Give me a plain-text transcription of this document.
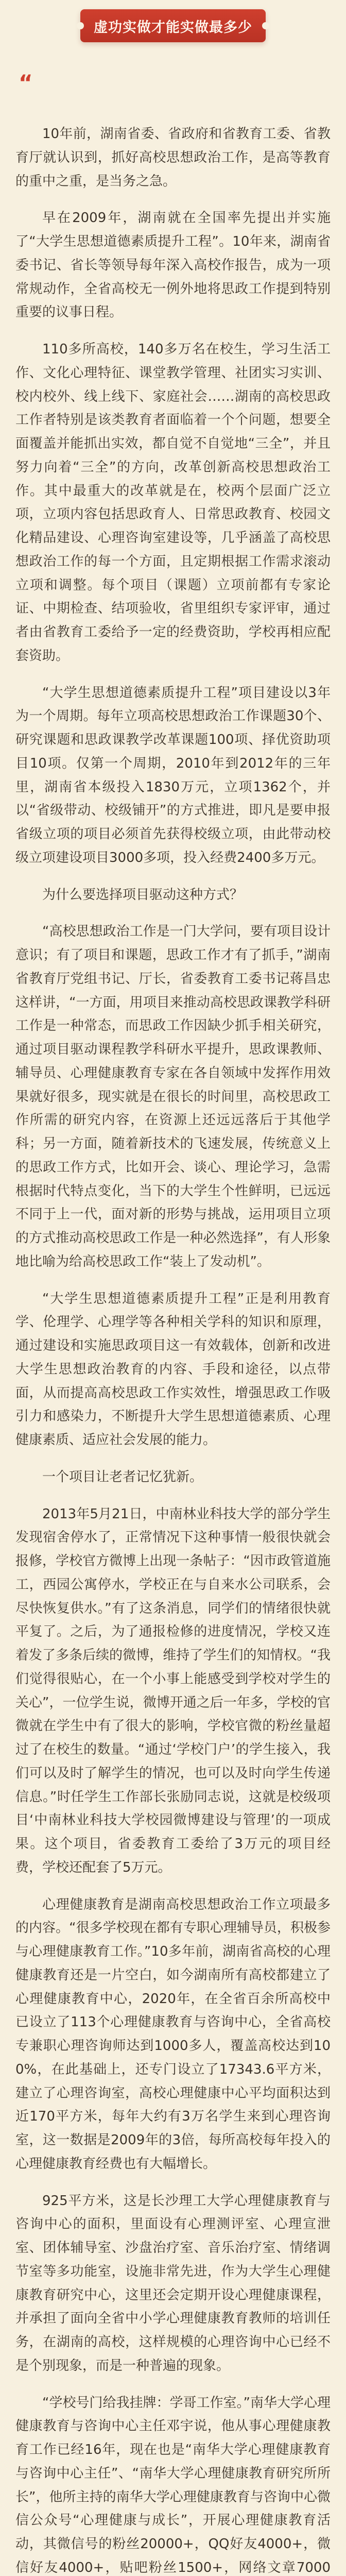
虚功实做才能实做最多少
“

10年前，湖南省委、省政府和省教育工委、省教育厅就认识到，抓好高校思想政治工作，是高等教育的重中之重，是当务之急。

早在2009年，湖南就在全国率先提出并实施了“大学生思想道德素质提升工程”。10年来，湖南省委书记、省长等领导每年深入高校作报告，成为一项常规动作，全省高校无一例外地将思政工作提到特别重要的议事日程。

110多所高校，140多万名在校生，学习生活工作、文化心理特征、课堂教学管理、社团实习实训、校内校外、线上线下、家庭社会……湖南的高校思政工作者特别是该类教育者面临着一个个问题，想要全面覆盖并能抓出实效，都自觉不自觉地“三全”，并且努力向着“三全”的方向，改革创新高校思想政治工作。其中最重大的改革就是在，校两个层面广泛立项，立项内容包括思政育人、日常思政教育、校园文化精品建设、心理咨询室建设等，几乎涵盖了高校思想政治工作的每一个方面，且定期根据工作需求滚动立项和调整。每个项目（课题）立项前都有专家论证、中期检查、结项验收，省里组织专家评审，通过者由省教育工委给予一定的经费资助，学校再相应配套资助。

“大学生思想道德素质提升工程”项目建设以3年为一个周期。每年立项高校思想政治工作课题30个、研究课题和思政课教学改革课题100项、择优资助项目10项。仅第一个周期，2010年到2012年的三年里，湖南省本级投入1830万元，立项1362个，并以“省级带动、校级铺开”的方式推进，即凡是要申报省级立项的项目必须首先获得校级立项，由此带动校级立项建设项目3000多项，投入经费2400多万元。

为什么要选择项目驱动这种方式？

“高校思想政治工作是一门大学问，要有项目设计意识；有了项目和课题，思政工作才有了抓手，”湖南省教育厅党组书记、厅长，省委教育工委书记蒋昌忠这样讲，“一方面，用项目来推动高校思政课教学科研工作是一种常态，而思政工作因缺少抓手相关研究，通过项目驱动课程教学科研水平提升，思政课教师、辅导员、心理健康教育专家在各自领域中发挥作用效果就好很多，现实就是在很长的时间里，高校思政工作所需的研究内容，在资源上还远远落后于其他学科；另一方面，随着新技术的飞速发展，传统意义上的思政工作方式，比如开会、谈心、理论学习，急需根据时代特点变化，当下的大学生个性鲜明，已远远不同于上一代，面对新的形势与挑战，运用项目立项的方式推动高校思政工作是一种必然选择”，有人形象地比喻为给高校思政工作“装上了发动机”。

“大学生思想道德素质提升工程”正是利用教育学、伦理学、心理学等各种相关学科的知识和原理，通过建设和实施思政项目这一有效载体，创新和改进大学生思想政治教育的内容、手段和途径，以点带面，从而提高高校思政工作实效性，增强思政工作吸引力和感染力，不断提升大学生思想道德素质、心理健康素质、适应社会发展的能力。

一个项目让老者记忆犹新。

2013年5月21日，中南林业科技大学的部分学生发现宿舍停水了，正常情况下这种事情一般很快就会报修，学校官方微博上出现一条帖子：“因市政管道施工，西园公寓停水，学校正在与自来水公司联系，会尽快恢复供水。”有了这条消息，同学们的情绪很快就平复了。之后，为了通报检修的进度情况，学校又连着发了多条后续的微博，维持了学生们的知情权。“我们觉得很贴心，在一个小事上能感受到学校对学生的关心”，一位学生说，微博开通之后一年多，学校的官微就在学生中有了很大的影响，学校官微的粉丝量超过了在校生的数量。“通过‘学校门户’的学生接入，我们可以及时了解学生的情况，也可以及时向学生传递信息。”时任学生工作部长张励同志说，这就是校级项目‘中南林业科技大学校园微博建设与管理’的一项成果。这个项目，省委教育工委给了3万元的项目经费，学校还配套了5万元。

心理健康教育是湖南高校思想政治工作立项最多的内容。“很多学校现在都有专职心理辅导员，积极参与心理健康教育工作。”10多年前，湖南省高校的心理健康教育还是一片空白，如今湖南所有高校都建立了心理健康教育中心，2020年，在全省百余所高校中已设立了113个心理健康教育与咨询中心，全省高校专兼职心理咨询师达到1000多人，覆盖高校达到100%，在此基础上，还专门设立了17343.6平方米，建立了心理咨询室，高校心理健康中心平均面积达到近170平方米，每年大约有3万名学生来到心理咨询室，这一数据是2009年的3倍，每所高校每年投入的心理健康教育经费也有大幅增长。

925平方米，这是长沙理工大学心理健康教育与咨询中心的面积，里面设有心理测评室、心理宣泄室、团体辅导室、沙盘治疗室、音乐治疗室、情绪调节室等多功能室，设施非常先进，作为大学生心理健康教育研究中心，这里还会定期开设心理健康课程，并承担了面向全省中小学心理健康教育教师的培训任务，在湖南的高校，这样规模的心理咨询中心已经不是个别现象，而是一种普遍的现象。

“学校号门给我挂牌：学哥工作室。”南华大学心理健康教育与咨询中心主任邓宇说，他从事心理健康教育工作已经16年，现在也是“南华大学心理健康教育与咨询中心主任”、“南华大学心理健康教育研究所所长”，他所主持的南华大学心理健康教育与咨询中心微信公众号“心理健康与成长”，开展心理健康教育活动，其微信号的粉丝20000+，QQ好友4000+，微信好友4000+，贴吧粉丝1500+，网络文章7000
